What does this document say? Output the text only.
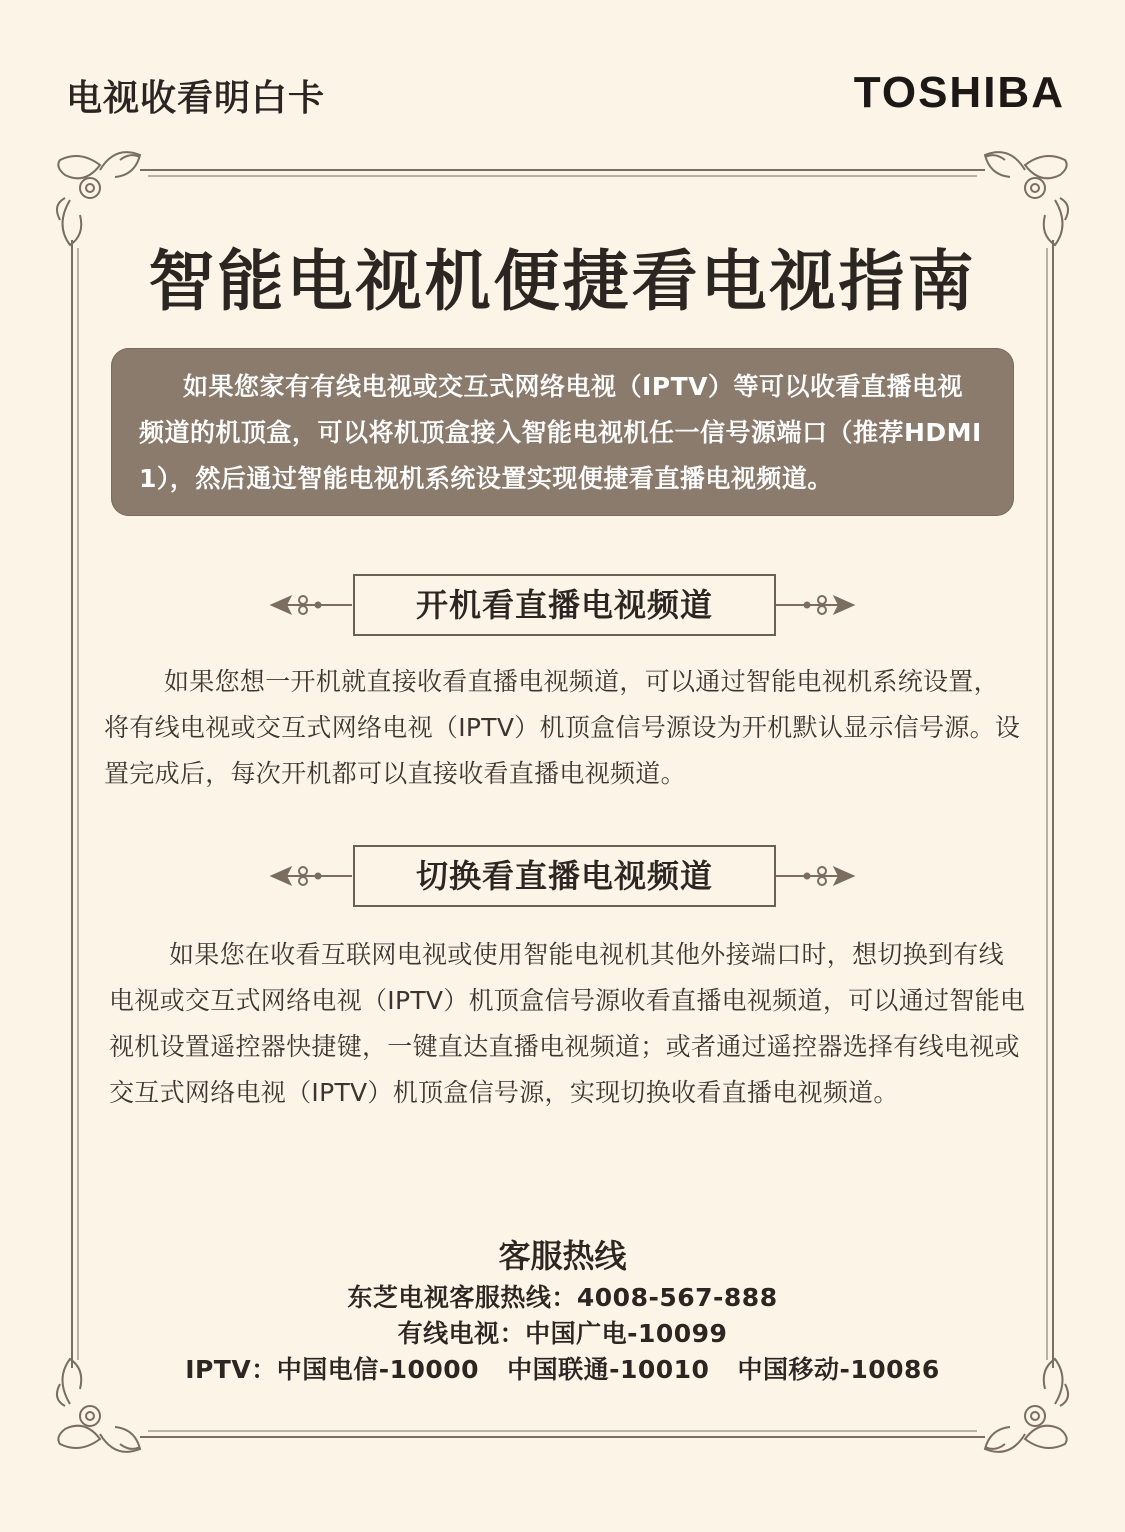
电视收看明白卡	TOSHIBA
智能电视机便捷看电视指南
如果您家有有线电视或交互式网络电视（IPTV）等可以收看直播电视频道的机顶盒，可以将机顶盒接入智能电视机任一信号源端口（推荐HDMI 1），然后通过智能电视机系统设置实现便捷看直播电视频道。
开机看直播电视频道
如果您想一开机就直接收看直播电视频道，可以通过智能电视机系统设置，将有线电视或交互式网络电视（IPTV）机顶盒信号源设为开机默认显示信号源。设置完成后，每次开机都可以直接收看直播电视频道。
切换看直播电视频道
如果您在收看互联网电视或使用智能电视机其他外接端口时，想切换到有线电视或交互式网络电视（IPTV）机顶盒信号源收看直播电视频道，可以通过智能电视机设置遥控器快捷键，一键直达直播电视频道；或者通过遥控器选择有线电视或交互式网络电视（IPTV）机顶盒信号源，实现切换收看直播电视频道。
客服热线
东芝电视客服热线：4008-567-888
有线电视：中国广电-10099
IPTV：中国电信-10000 中国联通-10010 中国移动-10086
